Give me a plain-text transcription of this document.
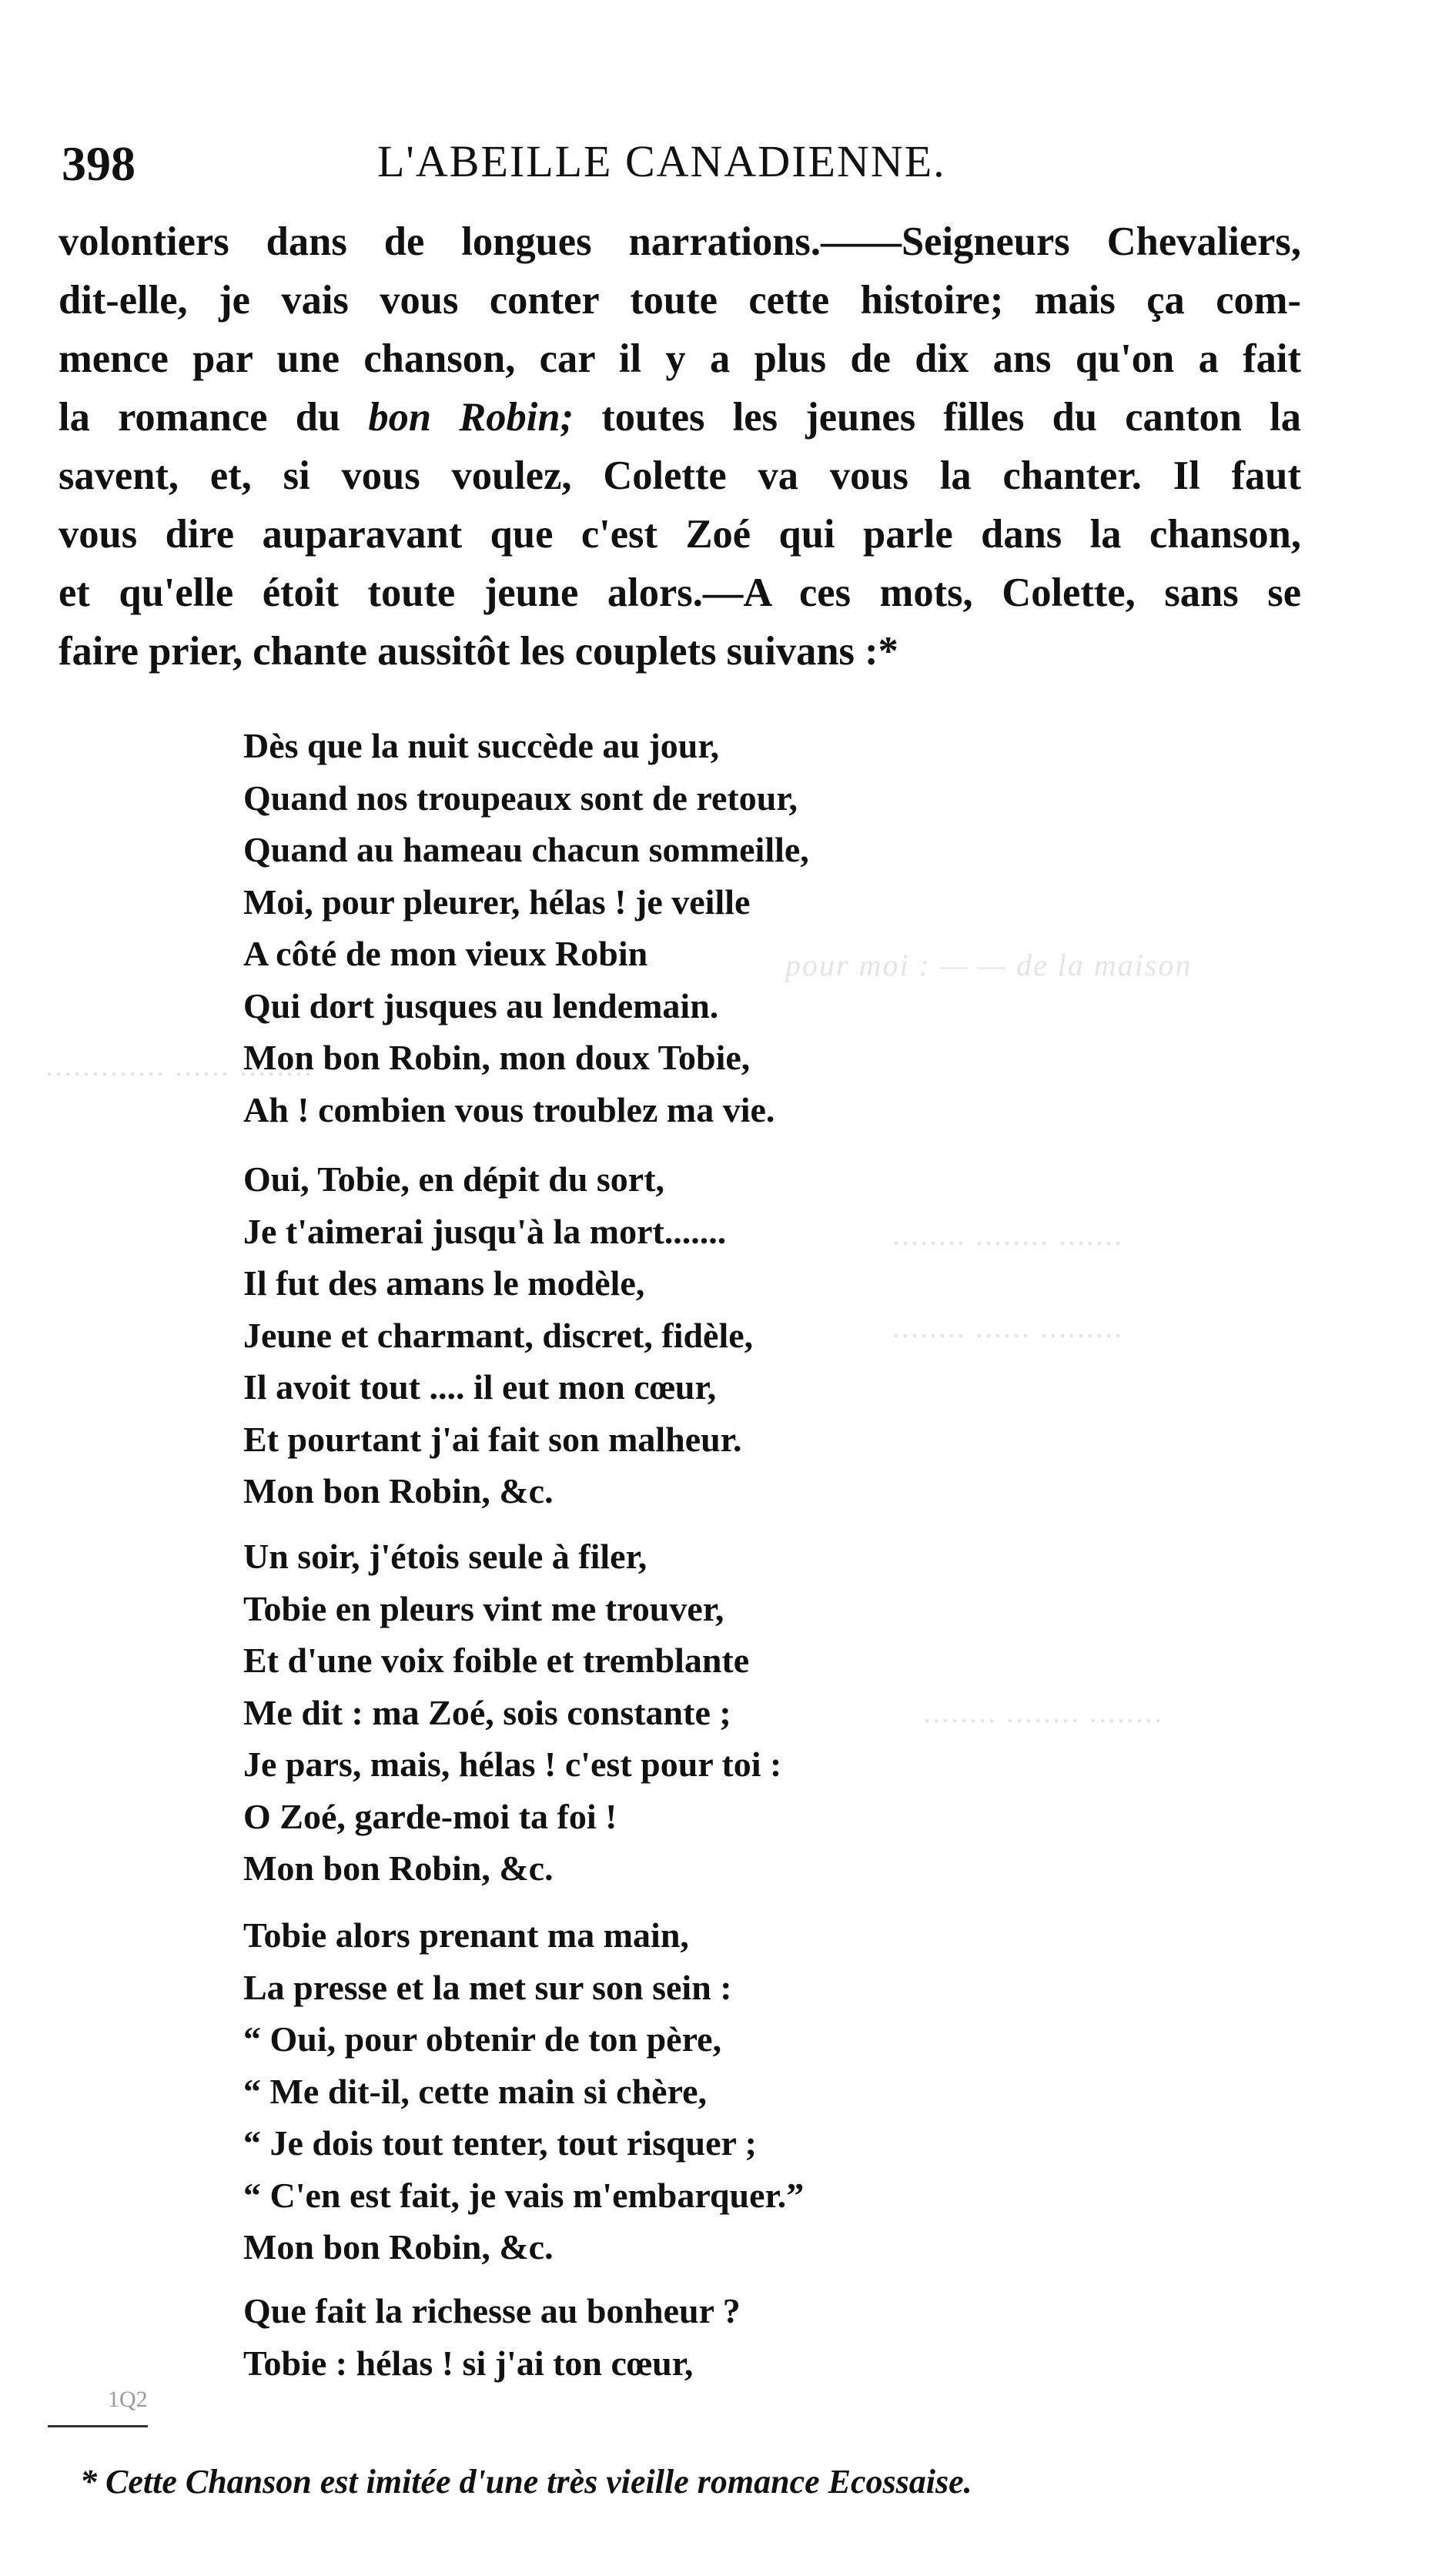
pour moi : — — de la maison
............. ...... ........
........ ........ .......
........ ...... .........
........ ........ ........
398	L'ABEILLE CANADIENNE.
volontiers dans de longues narrations.——Seigneurs Chevaliers,
dit-elle, je vais vous conter toute cette histoire; mais ça com-
mence par une chanson, car il y a plus de dix ans qu'on a fait
la romance du bon Robin; toutes les jeunes filles du canton la
savent, et, si vous voulez, Colette va vous la chanter. Il faut
vous dire auparavant que c'est Zoé qui parle dans la chanson,
et qu'elle étoit toute jeune alors.—A ces mots, Colette, sans se
faire prier, chante aussitôt les couplets suivans :*
Dès que la nuit succède au jour,
Quand nos troupeaux sont de retour,
Quand au hameau chacun sommeille,
Moi, pour pleurer, hélas ! je veille
A côté de mon vieux Robin
Qui dort jusques au lendemain.
Mon bon Robin, mon doux Tobie,
Ah ! combien vous troublez ma vie.
Oui, Tobie, en dépit du sort,
Je t'aimerai jusqu'à la mort.......
Il fut des amans le modèle,
Jeune et charmant, discret, fidèle,
Il avoit tout .... il eut mon cœur,
Et pourtant j'ai fait son malheur.
Mon bon Robin, &c.
Un soir, j'étois seule à filer,
Tobie en pleurs vint me trouver,
Et d'une voix foible et tremblante
Me dit : ma Zoé, sois constante ;
Je pars, mais, hélas ! c'est pour toi :
O Zoé, garde-moi ta foi !
Mon bon Robin, &c.
Tobie alors prenant ma main,
La presse et la met sur son sein :
“ Oui, pour obtenir de ton père,
“ Me dit-il, cette main si chère,
“ Je dois tout tenter, tout risquer ;
“ C'en est fait, je vais m'embarquer.”
Mon bon Robin, &c.
Que fait la richesse au bonheur ?
Tobie : hélas ! si j'ai ton cœur,
1Q2
* Cette Chanson est imitée d'une très vieille romance Ecossaise.
